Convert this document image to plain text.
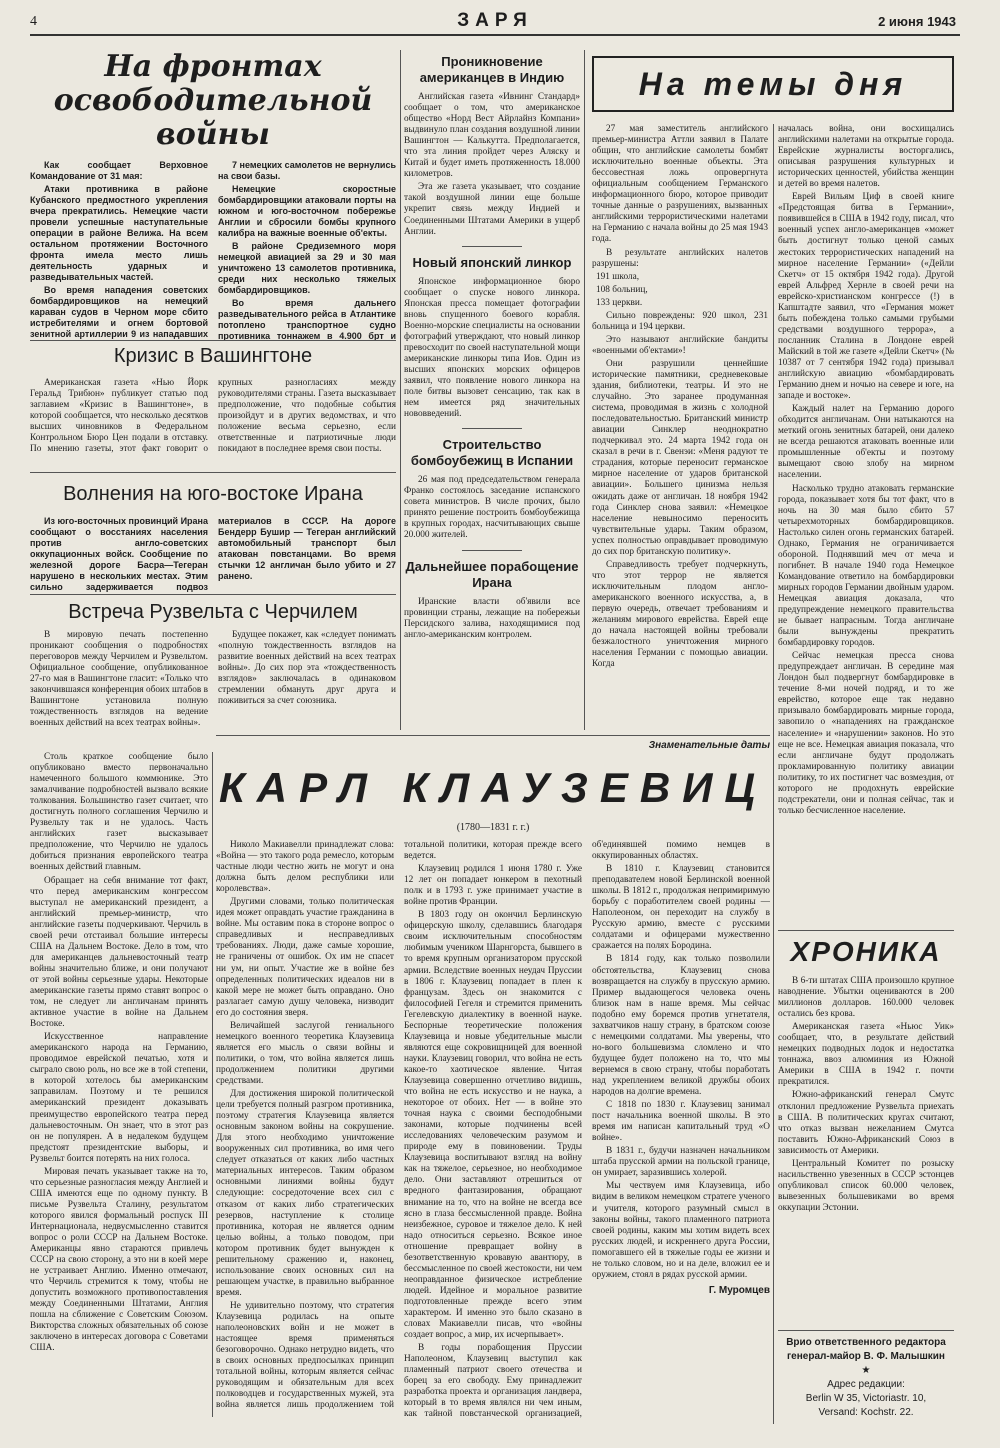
4	ЗАРЯ	2 июня 1943
На фронтах
освободительной войны

Как сообщает Верховное Командование от 31 мая:

Атаки противника в районе Кубанского предмостного укрепления вчера прекратились. Немецкие части провели успешные наступательные операции в районе Велижа. На всем остальном протяжении Восточного фронта имела место лишь деятельность ударных и разведывательных частей.

Во время нападения советских бомбардировщиков на немецкий караван судов в Черном море сбито истребителями и огнем бортовой зенитной артиллерии 9 из нападавших

7 немецких самолетов не вернулись на свои базы.

Немецкие скоростные бомбардировщики атаковали порты на южном и юго-восточном побережье Англии и сбросили бомбы крупного калибра на важные военные об'екты.

В районе Средиземного моря немецкой авиацией за 29 и 30 мая уничтожено 13 самолетов противника, среди них несколько тяжелых бомбардировщиков.

Во время дальнего разведывательного рейса в Атлантике потоплено транспортное судно противника тоннажем в 4.900 брт и

Кризис в Вашингтоне

Американская газета «Нью Йорк Геральд Трибюн» публикует статью под заглавием «Кризис в Вашингтоне», в которой сообщается, что несколько десятков высших чиновников в Федеральном Контрольном Бюро Цен подали в отставку. По мнению газеты, этот факт говорит о крупных разногласиях между руководителями страны. Газета высказывает предположение, что подобные события произойдут и в других ведомствах, и что положение весьма серьезно, если ответственные и патриотичные люди покидают в последнее время свои посты.

Волнения на юго-востоке Ирана

Из юго-восточных провинций Ирана сообщают о восстаниях населения против англо-советских оккупационных войск. Сообщение по железной дороге Басра—Тегеран нарушено в нескольких местах. Этим сильно задерживается подвоз материалов в СССР. На дороге Бендерр Бушир — Тегеран английский автомобильный транспорт был атакован повстанцами. Во время стычки 12 англичан было убито и 27 ранено.

Встреча Рузвельта с Черчилем

В мировую печать постепенно проникают сообщения о подробностях переговоров между Черчилем и Рузвельтом. Официальное сообщение, опубликованное 27-го мая в Вашингтоне гласит: «Только что закончившаяся конференция обоих штабов в Вашингтоне установила полную тождественность взглядов на ведение военных действий на всех театрах войны».

Будущее покажет, как «следует понимать «полную тождественность взглядов на развитие военных действий на всех театрах войны». До сих пор эта «тождественность взглядов» заключалась в одинаковом стремлении обмануть друг друга и поживиться за счет союзника.

Столь краткое сообщение было опубликовано вместо первоначально намеченного большого коммюнике. Это замалчивание подробностей вызвало всякие толкования. Большинство газет считает, что достигнуть полного соглашения Черчилю и Рузвельту так и не удалось. Часть английских газет высказывает предположение, что Черчилю не удалось добиться признания европейского театра военных действий главным.

Обращает на себя внимание тот факт, что перед американским конгрессом выступал не американский президент, а английский премьер-министр, что английские газеты подчеркивают. Черчиль в своей речи отстаивал большие интересы США на Дальнем Востоке. Дело в том, что для американцев дальневосточный театр войны значительно ближе, и они получают от этой войны серьезные удары. Некоторые американские газеты прямо ставят вопрос о том, не следует ли англичанам принять активное участие в войне на Дальнем Востоке.

Искусственное направление американского народа на Германию, проводимое еврейской печатью, хотя и сыграло свою роль, но все же в той степени, в которой хотелось бы американским заправилам. Поэтому и те решился американский президент доказывать преимущество европейского театра перед дальневосточным. Он знает, что в этот раз он не популярен. А в недалеком будущем предстоят президентские выборы, и Рузвельт боится потерять на них голоса.

Мировая печать указывает также на то, что серьезные разногласия между Англией и США имеются еще по одному пункту. В письме Рузвельта Сталину, результатом которого явился формальный роспуск III Интернационала, недвусмысленно ставится вопрос о роли СССР на Дальнем Востоке. Американцы явно стараются привлечь СССР на свою сторону, а это ни в коей мере не устраивает Англию. Именно отмечают, что Черчиль стремится к тому, чтобы не допустить возможного противопоставления между Соединенными Штатами, Англия пошла на сближение с Советским Союзом. Викторства сложных обязательных об союзе заключено в интересах договора с Советами США.

Проникновение американцев в Индию

Английская газета «Ивнинг Стандард» сообщает о том, что американское общество «Норд Вест Айрлайнз Компани» выдвинуло план создания воздушной линии Вашингтон — Калькутта. Предполагается, что эта линия пройдет через Аляску и Китай и будет иметь протяженность 18.000 километров.

Эта же газета указывает, что создание такой воздушной линии еще больше укрепит связь между Индией и Соединенными Штатами Америки в ущерб Англии.

Новый японский линкор

Японское информационное бюро сообщает о спуске нового линкора. Японская пресса помещает фотографии вновь спущенного боевого корабля. Военно-морские специалисты на основании фотографий утверждают, что новый линкор превосходит по своей наступательной мощи американские линкоры типа Иов. Один из высших японских морских офицеров заявил, что появление нового линкора на поле битвы вызовет сенсацию, так как в нем имеется ряд значительных нововведений.

Строительство бомбоубежищ в Испании

26 мая под председательством генерала Франко состоялось заседание испанского совета министров. В числе прочих, было принято решение построить бомбоубежища в крупных городах, насчитывающих свыше 20.000 жителей.

Дальнейшее порабощение Ирана

Иранские власти об'явили все провинции страны, лежащие на побережьи Персидского залива, находящимися под англо-американским контролем.

На темы дня

27 мая заместитель английского премьер-министра Аттли заявил в Палате общин, что английские самолеты бомбят исключительно военные объекты. Эта бессовестная ложь опровергнута официальным сообщением Германского информационного бюро, которое приводит точные данные о разрушениях, вызванных английскими террористическими налетами на Германию с начала войны до 25 мая 1943 года.

В результате английских налетов разрушены:

191 школа,

108 больниц,

133 церкви.

Сильно повреждены: 920 школ, 231 больница и 194 церкви.

Это называют английские бандиты «военными об'ектами»!

Они разрушили ценнейшие исторические памятники, средневековые здания, библиотеки, театры. И это не случайно. Это заранее продуманная система, проводимая в жизнь с холодной последовательностью. Британский министр авиации Синклер неоднократно подчеркивал это. 24 марта 1942 года он сказал в речи в г. Свенэи: «Меня радуют те страдания, которые переносит германское мирное население от ударов британской авиации». Большего цинизма нельзя ожидать даже от англичан. 18 ноября 1942 года Синклер снова заявил: «Немецкое население невыносимо переносить чувствительные удары. Таким образом, успех полностью оправдывает проводимую до сих пор британскую политику».

Справедливость требует подчеркнуть, что этот террор не является исключительным плодом англо-американского военного искусства, а, в первую очередь, отвечает требованиям и желаниям мирового еврейства. Еврей еще до начала настоящей войны требовали безжалостного уничтожения мирного населения Германии с помощью авиации. Когда

началась война, они восхищались английскими налетами на открытые города. Еврейские журналисты восторгались, описывая разрушения культурных и исторических ценностей, убийства женщин и детей во время налетов.

Еврей Вильям Циф в своей книге «Предстоящая битва в Германии», появившейся в США в 1942 году, писал, что военный успех англо-американцев «может быть достигнут только ценой самых жестоких террористических нападений на мирное население Германии» («Дейли Скетч» от 15 октября 1942 года). Другой еврей Альфред Хернле в своей речи на еврейско-христианском конгрессе (!) в Капштадте заявил, что «Германия может быть побеждена только самыми грубыми средствами воздушного террора», а посланник Сталина в Лондоне еврей Майский в той же газете «Дейли Скетч» (№ 10387 от 7 сентября 1942 года) призывал английскую авиацию «бомбардировать Германию днем и ночью на севере и юге, на западе и востоке».

Каждый налет на Германию дорого обходится англичанам. Они натыкаются на меткий огонь зенитных батарей, они далеко не всегда решаются атаковать военные или промышленные об'екты и поэтому вымещают свою злобу на мирном населении.

Насколько трудно атаковать германские города, показывает хотя бы тот факт, что в ночь на 30 мая было сбито 57 четырехмоторных бомбардировщиков. Настолько силен огонь германских батарей. Однако, Германия не ограничивается обороной. Поднявший меч от меча и погибнет. В начале 1940 года Немецкое Командование ответило на бомбардировки мирных городов Германии двойным ударом. Немецкая авиация доказала, что предупреждение немецкого правительства не бывает напрасным. Тогда англичане были вынуждены прекратить бомбардировку городов.

Сейчас немецкая пресса снова предупреждает англичан. В середине мая Лондон был подвергнут бомбардировке в течение 8-ми ночей подряд, и то же еврейство, которое еще так недавно призывало бомбардировать мирные города, завопило о «нападениях на гражданское население» и «нарушении» законов. Но это еще не все. Немецкая авиация показала, что если англичане будут продолжать прокламированную политику авиации политику, то их постигнет час возмездия, от которого не продохнуть еврейские подстрекатели, они и полная сейчас, так и только бесчисленное население.

Знаменательные даты
КАРЛ КЛАУЗЕВИЦ
(1780—1831 г. г.)

Николо Макиавелли принадлежат слова: «Война — это такого рода ремесло, которым частные люди честно жить не могут и она должна быть делом республики или королевства».

Другими словами, только политическая идея может оправдать участие гражданина в войне. Мы оставим пока в стороне вопрос о справедливых и несправедливых требованиях. Люди, даже самые хорошие, не граничены от ошибок. Ох им не спасет ни ум, ни опыт. Участие же в войне без определенных политических идеалов ни в какой мере не может быть оправдано. Оно разлагает самую душу человека, низводит его до состояния зверя.

Величайшей заслугой гениального немецкого военного теоретика Клаузевица является его мысль о связи войны и политики, о том, что война является лишь продолжением политики другими средствами.

Для достижения широкой политической цели требуется полный разгром противника, поэтому стратегия Клаузевица является основным законом войны на сокрушение. Для этого необходимо уничтожение вооруженных сил противника, во имя чего следует отказаться от каких либо частных материальных интересов. Таким образом основными линиями войны будут следующие: сосредоточение всех сил с отказом от каких либо стратегических резервов, наступление к столице противника, которая не является одним целью войны, а только поводом, при котором противник будет вынужден к решительному сражению и, наконец, использование своих основных сил на решающем участке, в правильно выбранное время.

Не удивительно поэтому, что стратегия Клаузевица родилась на опыте наполеоновских войн и не может в настоящее время применяться безоговорочно. Однако нетрудно видеть, что в своих основных предпосылках принцип тотальной войны, которым является сейчас руководящим и обязательным для всех полководцев и государственных мужей, эта война является лишь продолжением той тотальной политики, которая прежде всего ведется.

Клаузевиц родился 1 июня 1780 г. Уже 12 лет он попадает юнкером в пехотный полк и в 1793 г. уже принимает участие в войне против Франции.

В 1803 году он окончил Берлинскую офицерскую школу, сделавшись благодаря своим исключительным способностям любимым учеником Шарнгорста, бывшего в то время крупным организатором прусской армии. Вследствие военных неудач Пруссии в 1806 г. Клаузевиц попадает в плен к французам. Здесь он знакомится с философией Гегеля и стремится применить Гегелевскую диалектику в военной науке. Беспорные теоретические положения Клаузевица и новые убедительные мысли являются еще сокровищницей для военной науки. Клаузевиц говорил, что война не есть какое-то хаотическое явление. Читая Клаузевица совершенно отчетливо видишь, что война не есть искусство и не наука, а некоторое от обоих. Нет — в войне это точная наука с своими бесподобными законами, которые подчинены всей исследованиях человеческим разумом и природе ему в повиновении. Труды Клаузевица воспитывают взгляд на войну как на тяжелое, серьезное, но необходимое дело. Они заставляют отрешиться от вредного фантазирования, обращают внимание на то, что на войне не всегда все ясно в глаза бессмысленной правде. Война неизбежное, суровое и тяжелое дело. К ней надо относиться серьезно. Всякое иное отношение превращает войну в безответственную кровавую авантюру, в бессмысленное по своей жестокости, ни чем неоправданное физическое истребление людей. Идейное и моральное развитие подготовленные прежде всего этим характером. И именно это было сказано в словах Макиавелли писав, что «войны создает вопрос, а мир, их исчерпывает».

В годы порабощения Пруссии Наполеоном, Клаузевиц выступил как пламенный патриот своего отечества и борец за его свободу. Ему принадлежит разработка проекта и организация ландвера, который в то время являлся ни чем иным, как тайной повстанческой организацией, об'единявшей помимо немцев в оккупированных областях.

В 1810 г. Клаузевиц становится преподавателем новой Берлинской военной школы. В 1812 г., продолжая непримиримую борьбу с поработителем своей родины — Наполеоном, он переходит на службу в Русскую армию, вместе с русскими солдатами и офицерами мужественно сражается на полях Бородина.

В 1814 году, как только позволили обстоятельства, Клаузевиц снова возвращается на службу в прусскую армию. Пример выдающегося человека очень близок нам в наше время. Мы сейчас подобно ему боремся против угнетателя, захватчиков нашу страну, в братском союзе с немецкими солдатами. Мы уверены, что но-вого большевизма сломлено и что будущее будет положено на то, что мы вернемся в свою страну, чтобы поработать над укреплением великой дружбы обоих народов на долгие времена.

С 1818 по 1830 г. Клаузевиц занимал пост начальника военной школы. В это время им написан капитальный труд «О войне».

В 1831 г., будучи назначен начальником штаба прусской армии на польской границе, он умирает, заразившись холерой.

Мы чествуем имя Клаузевица, ибо видим в великом немецком стратеге ученого и учителя, которого разумный смысл в законы войны, такого пламенного патриота своей родины, каким мы хотим видеть всех русских людей, и искреннего друга России, помогавшего ей в тяжелые годы ее жизни и не только словом, но и на деле, вложил ее и оружием, стоял в рядах русской армии.

Г. Муромцев
ХРОНИКА

В 6-ти штатах США произошло крупное наводнение. Убытки оцениваются в 200 миллионов долларов. 160.000 человек остались без крова.

Американская газета «Ньюс Уик» сообщает, что, в результате действий немецких подводных лодок и недостатка тоннажа, ввоз алюминия из Южной Америки в США в 1942 г. почти прекратился.

Южно-африканский генерал Смутс отклонил предложение Рузвельта приехать в США. В политических кругах считают, что отказ вызван нежеланием Смутса поставить Южно-Африканский Союз в зависимость от Америки.

Центральный Комитет по розыску насильственно увезенных в СССР эстонцев опубликовал список 60.000 человек, вывезенных большевиками во время оккупации Эстонии.

Врио ответственного редактора
генерал-майор В. Ф. Малышкин
★
Адрес редакции:
Berlin W 35, Victoriastr. 10,
Versand: Kochstr. 22.
